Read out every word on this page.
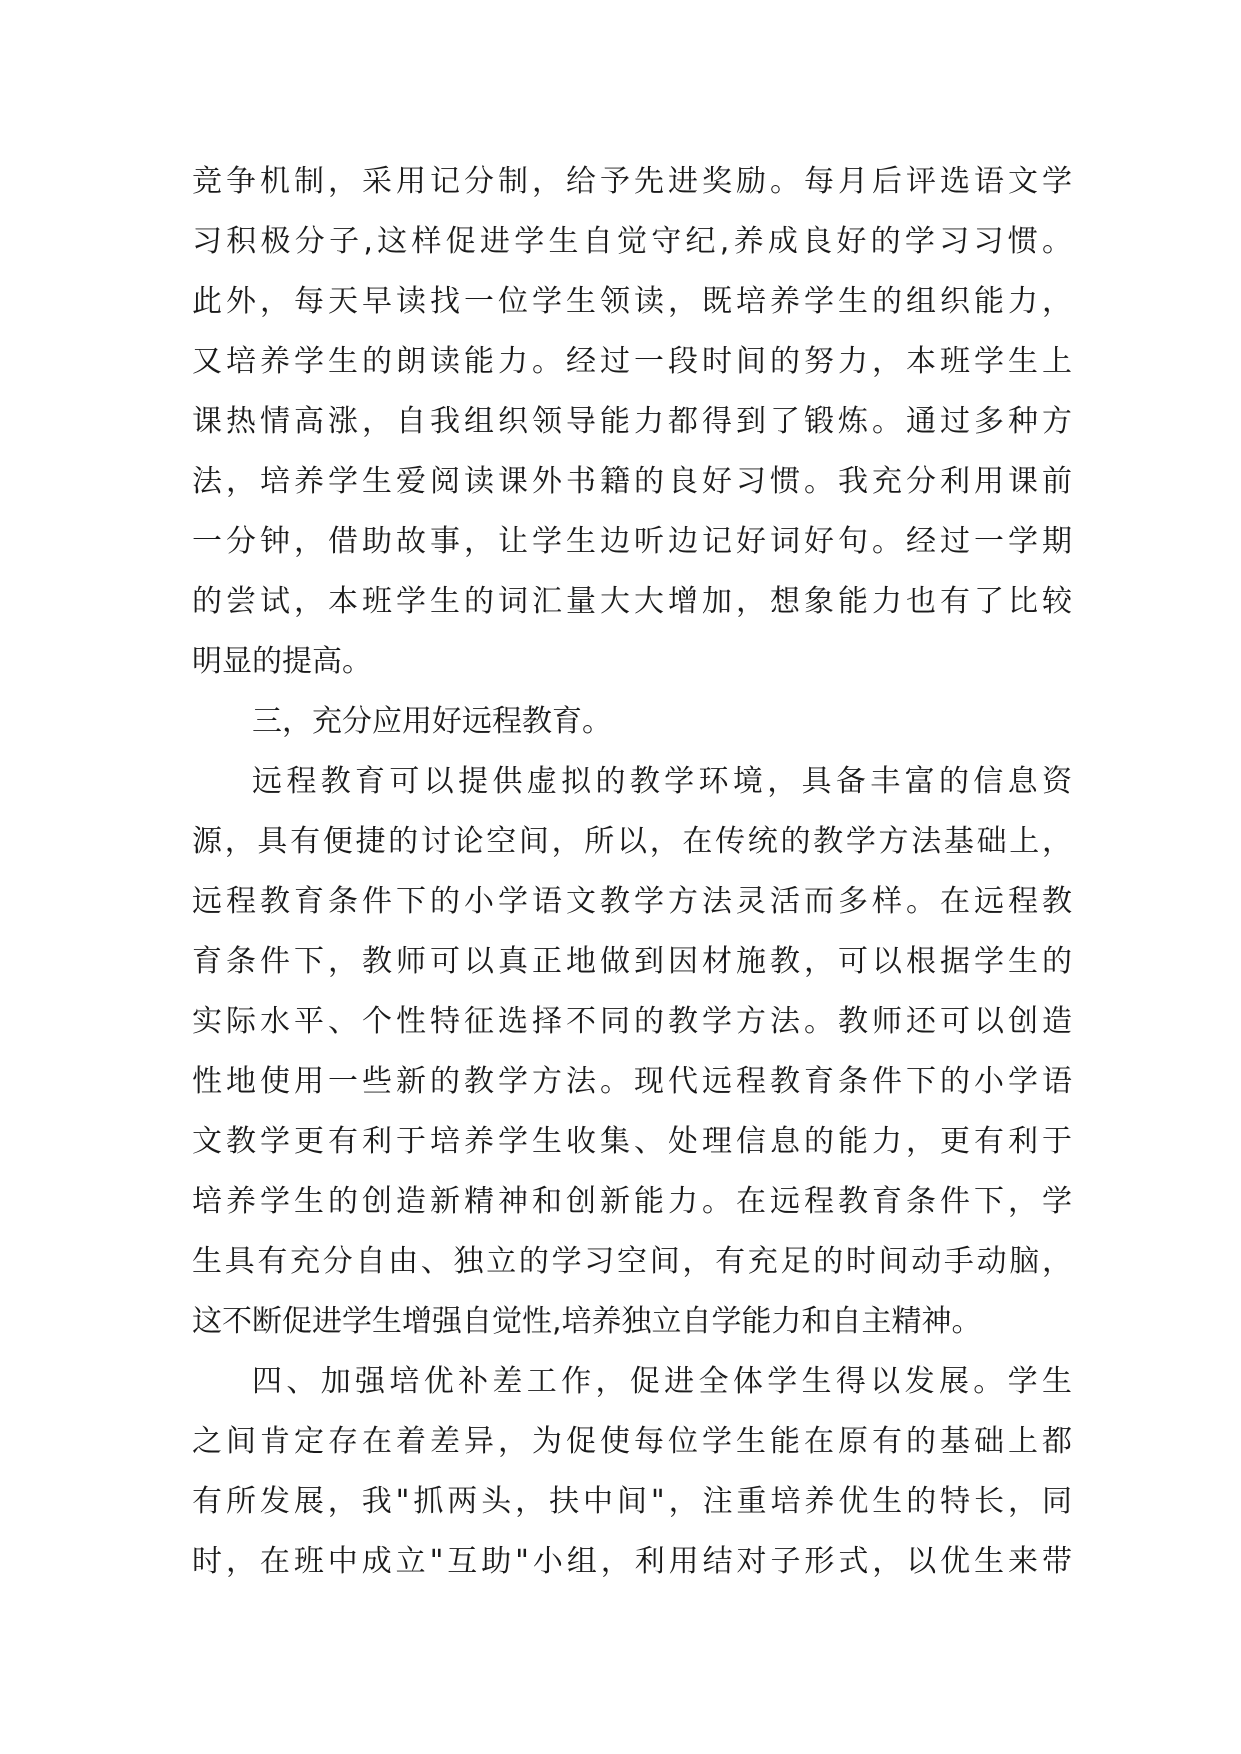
竞争机制，采用记分制，给予先进奖励。每月后评选语文学
习积极分子,这样促进学生自觉守纪,养成良好的学习习惯。
此外，每天早读找一位学生领读，既培养学生的组织能力，
又培养学生的朗读能力。经过一段时间的努力，本班学生上
课热情高涨，自我组织领导能力都得到了锻炼。通过多种方
法，培养学生爱阅读课外书籍的良好习惯。我充分利用课前
一分钟，借助故事，让学生边听边记好词好句。经过一学期
的尝试，本班学生的词汇量大大增加，想象能力也有了比较
明显的提高。
三，充分应用好远程教育。
远程教育可以提供虚拟的教学环境，具备丰富的信息资
源，具有便捷的讨论空间，所以，在传统的教学方法基础上，
远程教育条件下的小学语文教学方法灵活而多样。在远程教
育条件下，教师可以真正地做到因材施教，可以根据学生的
实际水平、个性特征选择不同的教学方法。教师还可以创造
性地使用一些新的教学方法。现代远程教育条件下的小学语
文教学更有利于培养学生收集、处理信息的能力，更有利于
培养学生的创造新精神和创新能力。在远程教育条件下，学
生具有充分自由、独立的学习空间，有充足的时间动手动脑，
这不断促进学生增强自觉性,培养独立自学能力和自主精神。
四、加强培优补差工作，促进全体学生得以发展。学生
之间肯定存在着差异，为促使每位学生能在原有的基础上都
有所发展，我"抓两头，扶中间"，注重培养优生的特长，同
时，在班中成立"互助"小组，利用结对子形式，以优生来带
